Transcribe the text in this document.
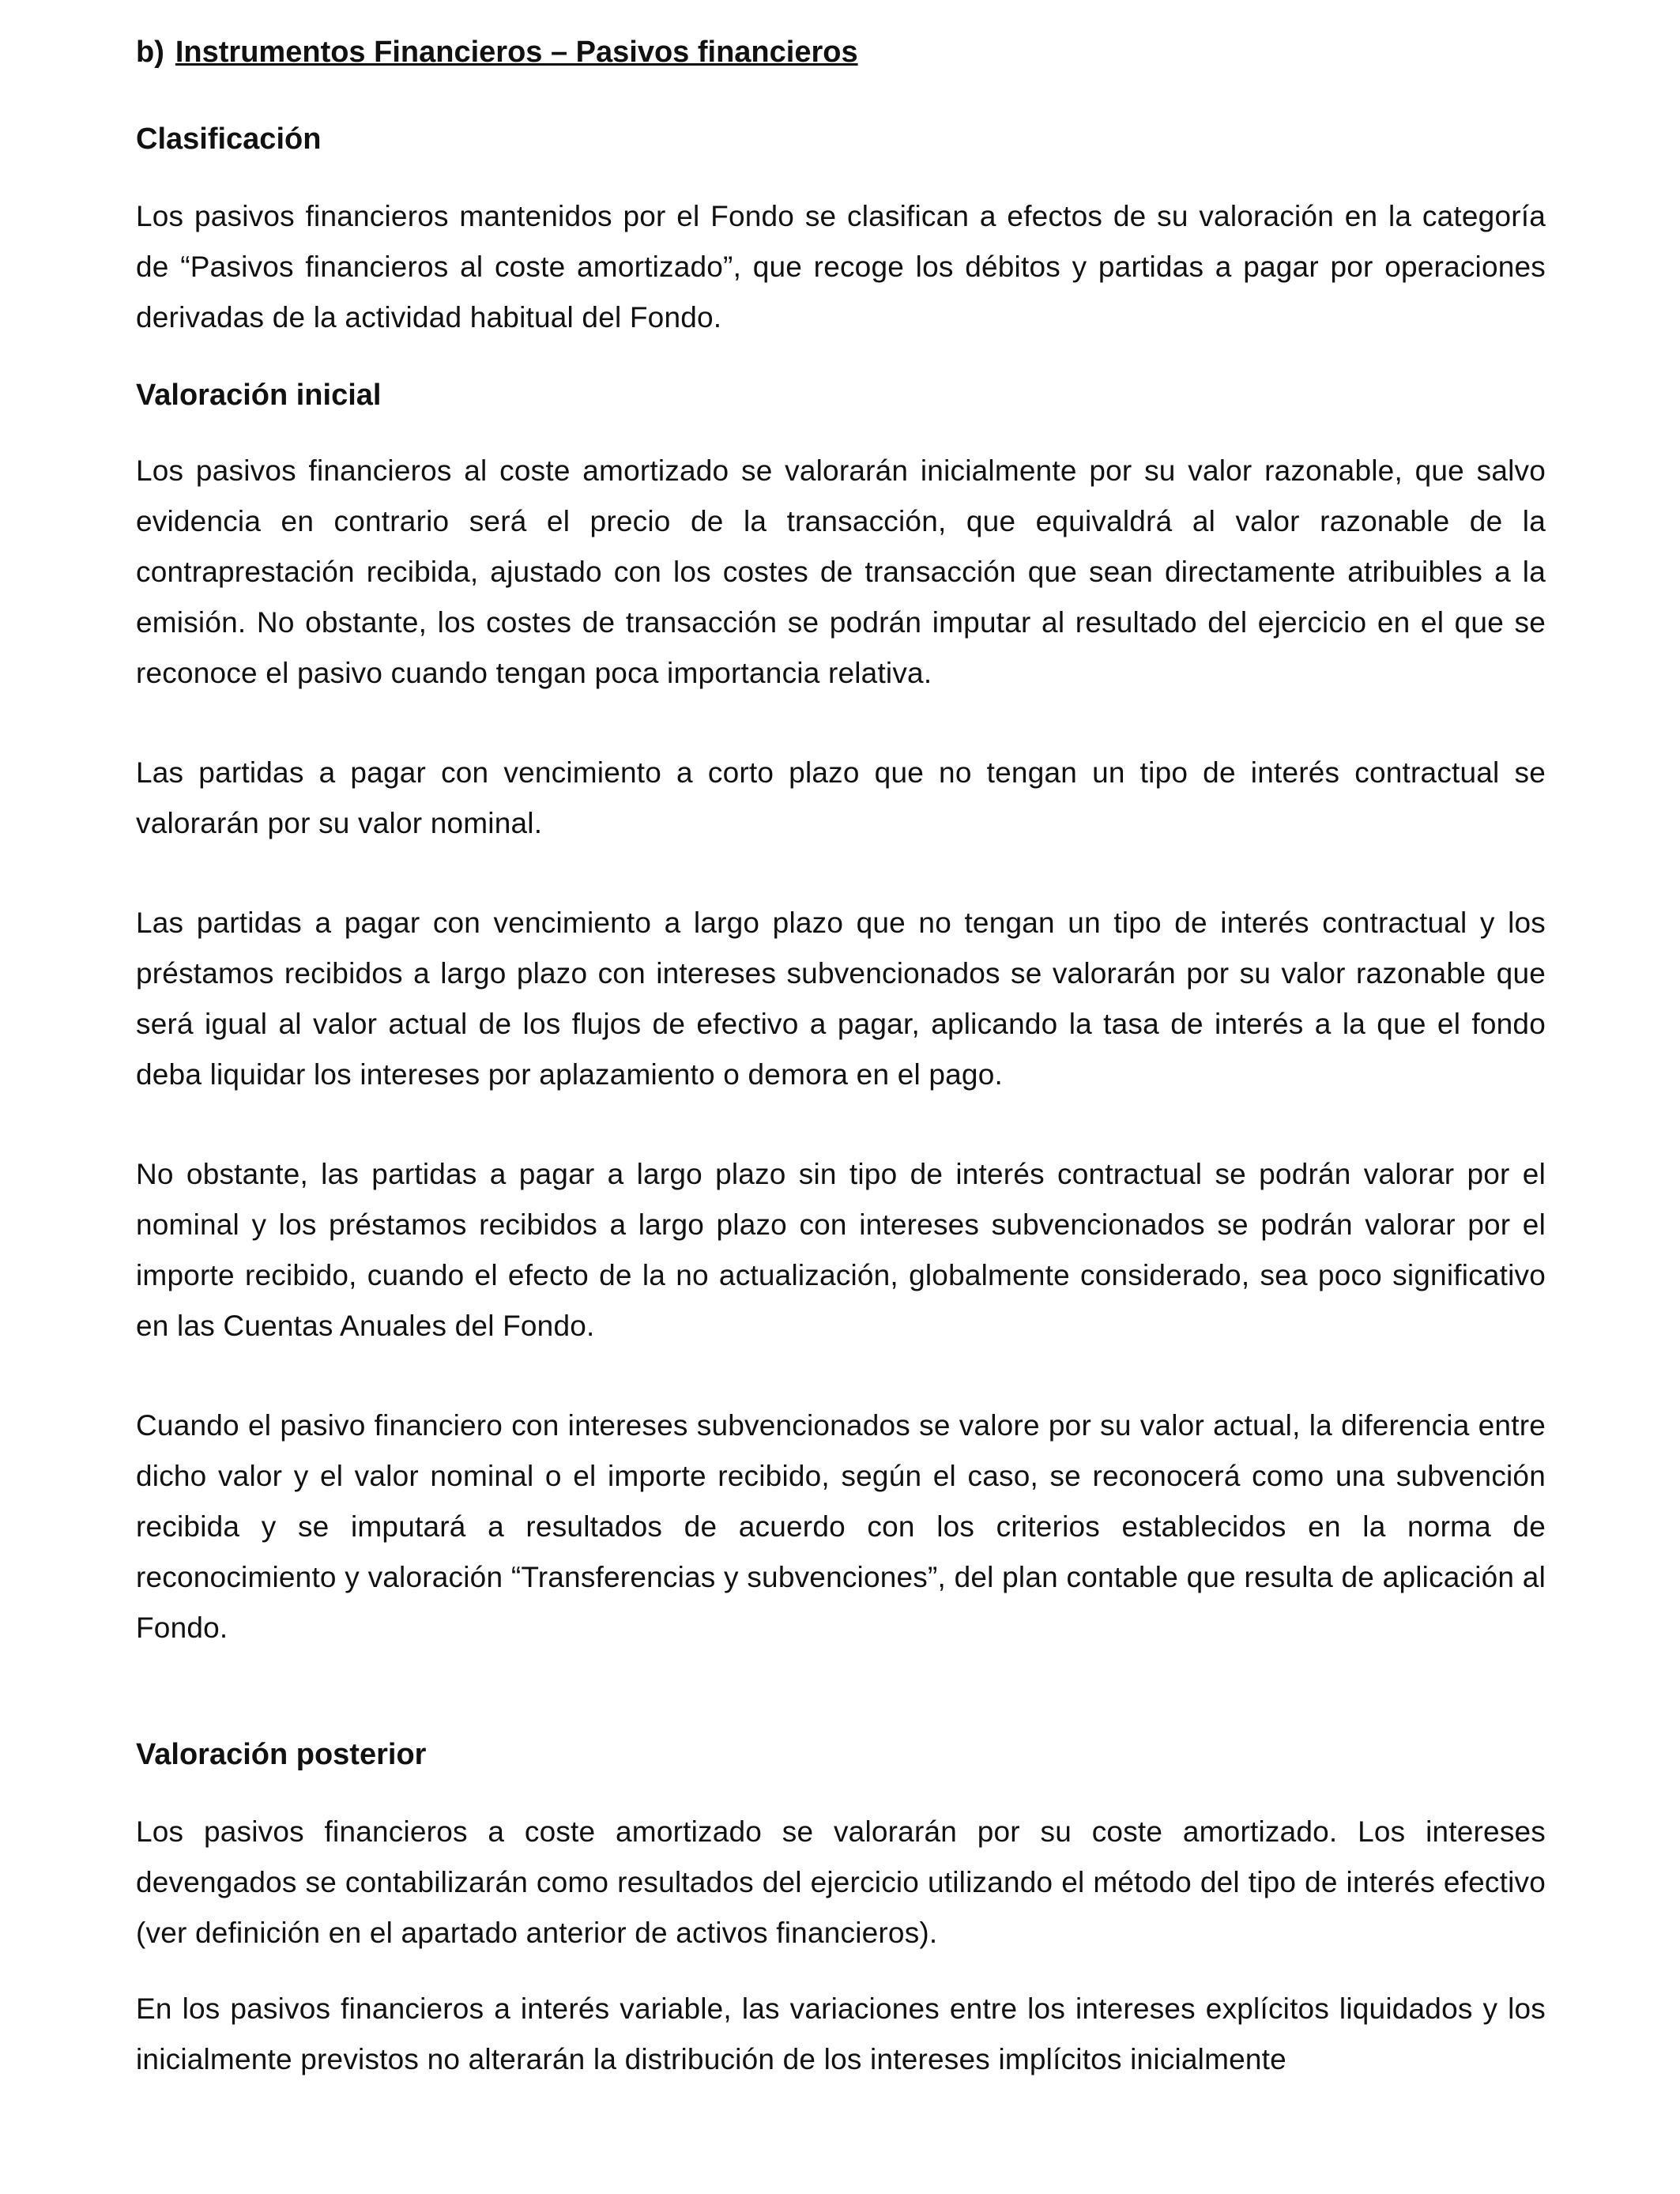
b) Instrumentos Financieros – Pasivos financieros
Clasificación

Los pasivos financieros mantenidos por el Fondo se clasifican a efectos de su valoración en la categoría de “Pasivos financieros al coste amortizado”, que recoge los débitos y partidas a pagar por operaciones derivadas de la actividad habitual del Fondo.

Valoración inicial

Los pasivos financieros al coste amortizado se valorarán inicialmente por su valor razonable, que salvo evidencia en contrario será el precio de la transacción, que equivaldrá al valor razonable de la contraprestación recibida, ajustado con los costes de transacción que sean directamente atribuibles a la emisión. No obstante, los costes de transacción se podrán imputar al resultado del ejercicio en el que se reconoce el pasivo cuando tengan poca importancia relativa.

Las partidas a pagar con vencimiento a corto plazo que no tengan un tipo de interés contractual se valorarán por su valor nominal.

Las partidas a pagar con vencimiento a largo plazo que no tengan un tipo de interés contractual y los préstamos recibidos a largo plazo con intereses subvencionados se valorarán por su valor razonable que será igual al valor actual de los flujos de efectivo a pagar, aplicando la tasa de interés a la que el fondo deba liquidar los intereses por aplazamiento o demora en el pago.

No obstante, las partidas a pagar a largo plazo sin tipo de interés contractual se podrán valorar por el nominal y los préstamos recibidos a largo plazo con intereses subvencionados se podrán valorar por el importe recibido, cuando el efecto de la no actualización, globalmente considerado, sea poco significativo en las Cuentas Anuales del Fondo.

Cuando el pasivo financiero con intereses subvencionados se valore por su valor actual, la diferencia entre dicho valor y el valor nominal o el importe recibido, según el caso, se reconocerá como una subvención recibida y se imputará a resultados de acuerdo con los criterios establecidos en la norma de reconocimiento y valoración “Transferencias y subvenciones”, del plan contable que resulta de aplicación al Fondo.

Valoración posterior

Los pasivos financieros a coste amortizado se valorarán por su coste amortizado. Los intereses devengados se contabilizarán como resultados del ejercicio utilizando el método del tipo de interés efectivo (ver definición en el apartado anterior de activos financieros).

En los pasivos financieros a interés variable, las variaciones entre los intereses explícitos liquidados y los inicialmente previstos no alterarán la distribución de los intereses implícitos inicialmente
